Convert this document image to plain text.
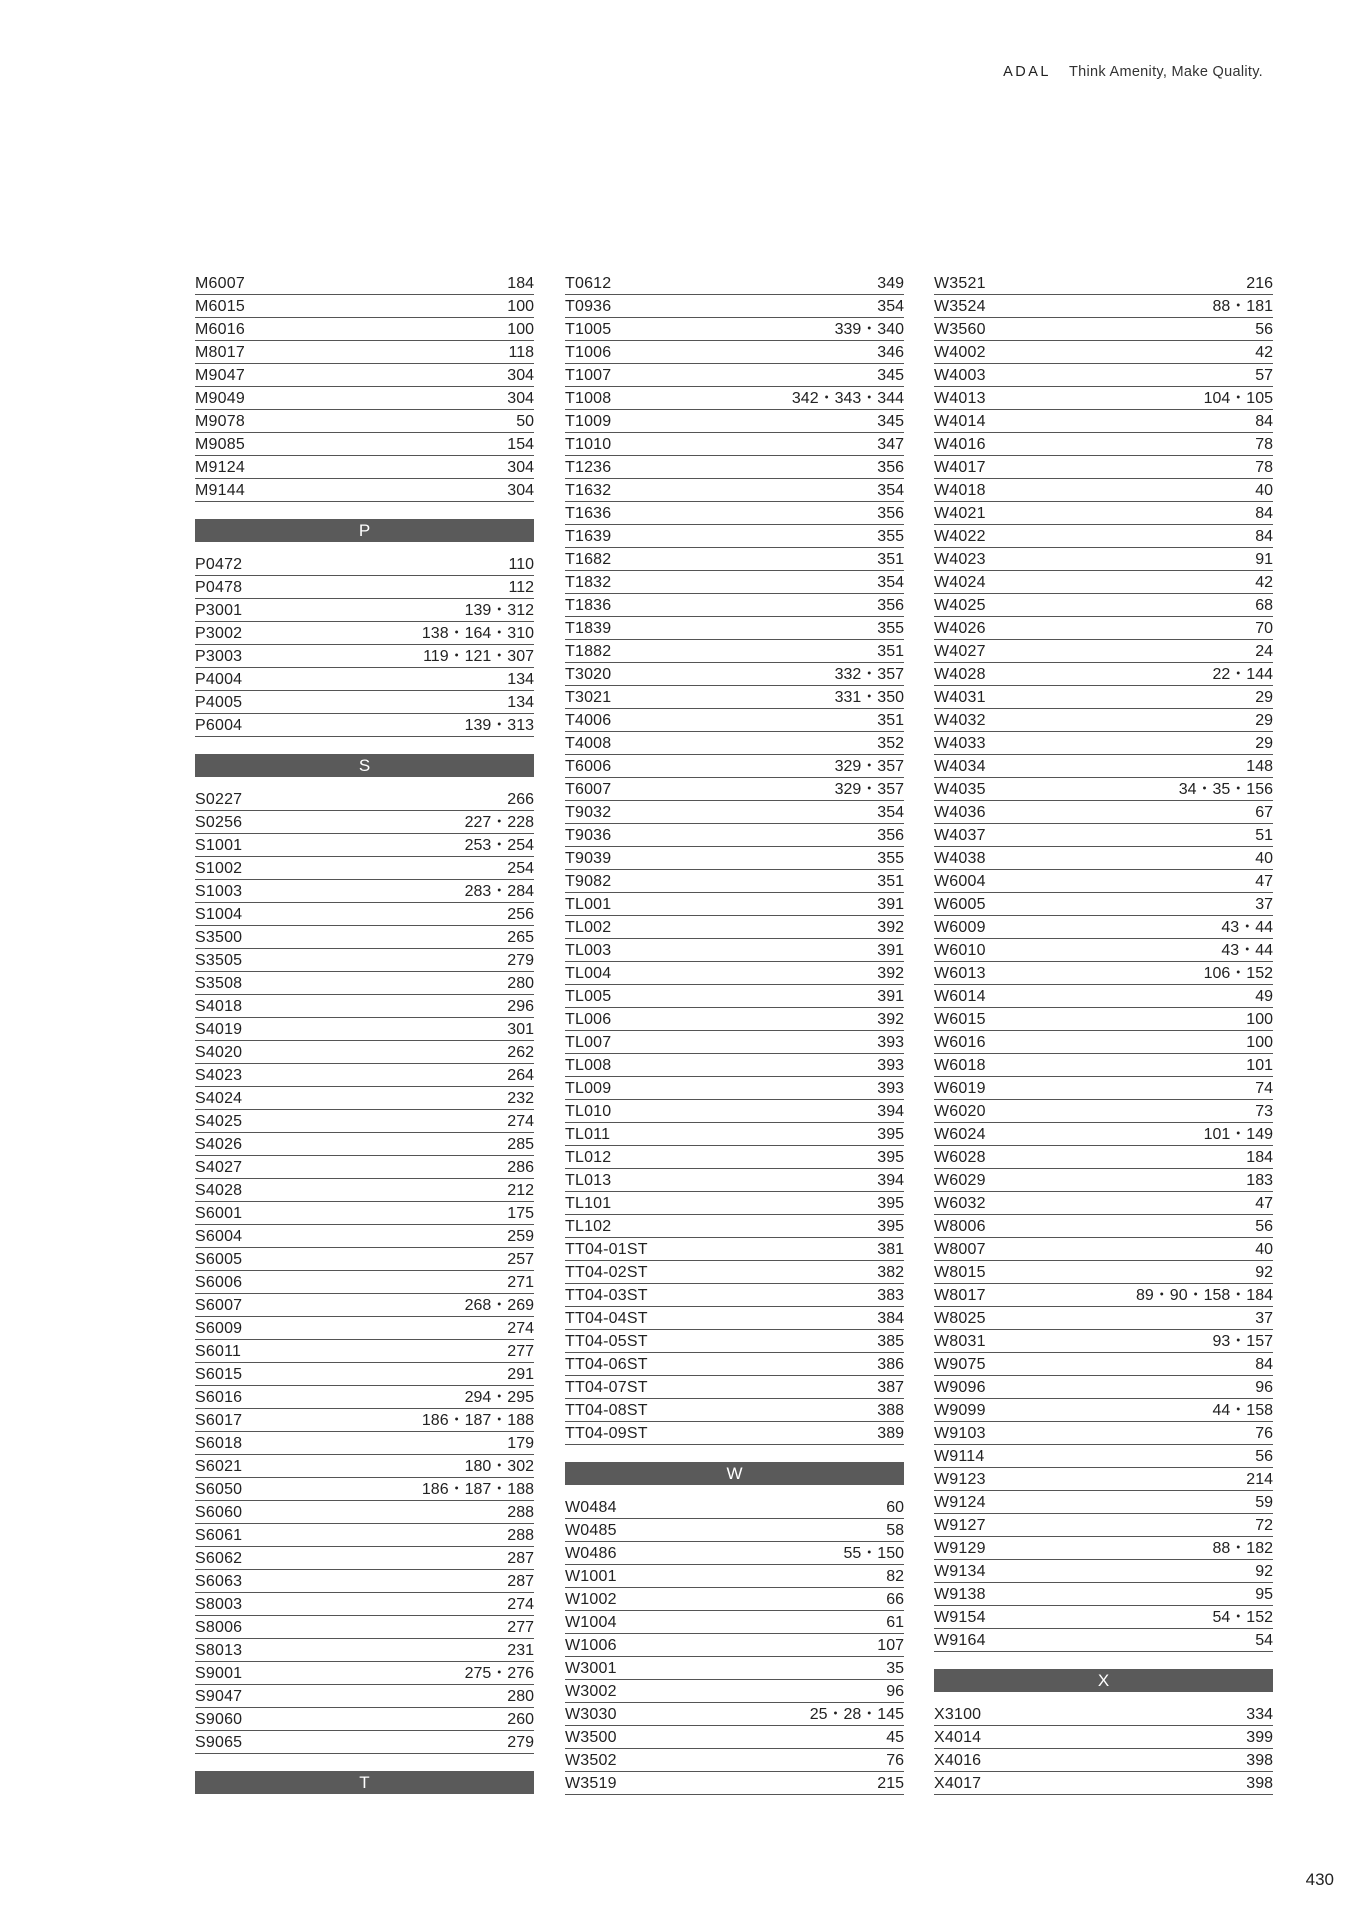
ADAL Think Amenity, Make Quality.
M6007	184
M6015	100
M6016	100
M8017	118
M9047	304
M9049	304
M9078	50
M9085	154
M9124	304
M9144	304
P
P0472	110
P0478	112
P3001	139・312
P3002	138・164・310
P3003	119・121・307
P4004	134
P4005	134
P6004	139・313
S
S0227	266
S0256	227・228
S1001	253・254
S1002	254
S1003	283・284
S1004	256
S3500	265
S3505	279
S3508	280
S4018	296
S4019	301
S4020	262
S4023	264
S4024	232
S4025	274
S4026	285
S4027	286
S4028	212
S6001	175
S6004	259
S6005	257
S6006	271
S6007	268・269
S6009	274
S6011	277
S6015	291
S6016	294・295
S6017	186・187・188
S6018	179
S6021	180・302
S6050	186・187・188
S6060	288
S6061	288
S6062	287
S6063	287
S8003	274
S8006	277
S8013	231
S9001	275・276
S9047	280
S9060	260
S9065	279
T
T0612	349
T0936	354
T1005	339・340
T1006	346
T1007	345
T1008	342・343・344
T1009	345
T1010	347
T1236	356
T1632	354
T1636	356
T1639	355
T1682	351
T1832	354
T1836	356
T1839	355
T1882	351
T3020	332・357
T3021	331・350
T4006	351
T4008	352
T6006	329・357
T6007	329・357
T9032	354
T9036	356
T9039	355
T9082	351
TL001	391
TL002	392
TL003	391
TL004	392
TL005	391
TL006	392
TL007	393
TL008	393
TL009	393
TL010	394
TL011	395
TL012	395
TL013	394
TL101	395
TL102	395
TT04-01ST	381
TT04-02ST	382
TT04-03ST	383
TT04-04ST	384
TT04-05ST	385
TT04-06ST	386
TT04-07ST	387
TT04-08ST	388
TT04-09ST	389
W
W0484	60
W0485	58
W0486	55・150
W1001	82
W1002	66
W1004	61
W1006	107
W3001	35
W3002	96
W3030	25・28・145
W3500	45
W3502	76
W3519	215
W3521	216
W3524	88・181
W3560	56
W4002	42
W4003	57
W4013	104・105
W4014	84
W4016	78
W4017	78
W4018	40
W4021	84
W4022	84
W4023	91
W4024	42
W4025	68
W4026	70
W4027	24
W4028	22・144
W4031	29
W4032	29
W4033	29
W4034	148
W4035	34・35・156
W4036	67
W4037	51
W4038	40
W6004	47
W6005	37
W6009	43・44
W6010	43・44
W6013	106・152
W6014	49
W6015	100
W6016	100
W6018	101
W6019	74
W6020	73
W6024	101・149
W6028	184
W6029	183
W6032	47
W8006	56
W8007	40
W8015	92
W8017	89・90・158・184
W8025	37
W8031	93・157
W9075	84
W9096	96
W9099	44・158
W9103	76
W9114	56
W9123	214
W9124	59
W9127	72
W9129	88・182
W9134	92
W9138	95
W9154	54・152
W9164	54
X
X3100	334
X4014	399
X4016	398
X4017	398
430
